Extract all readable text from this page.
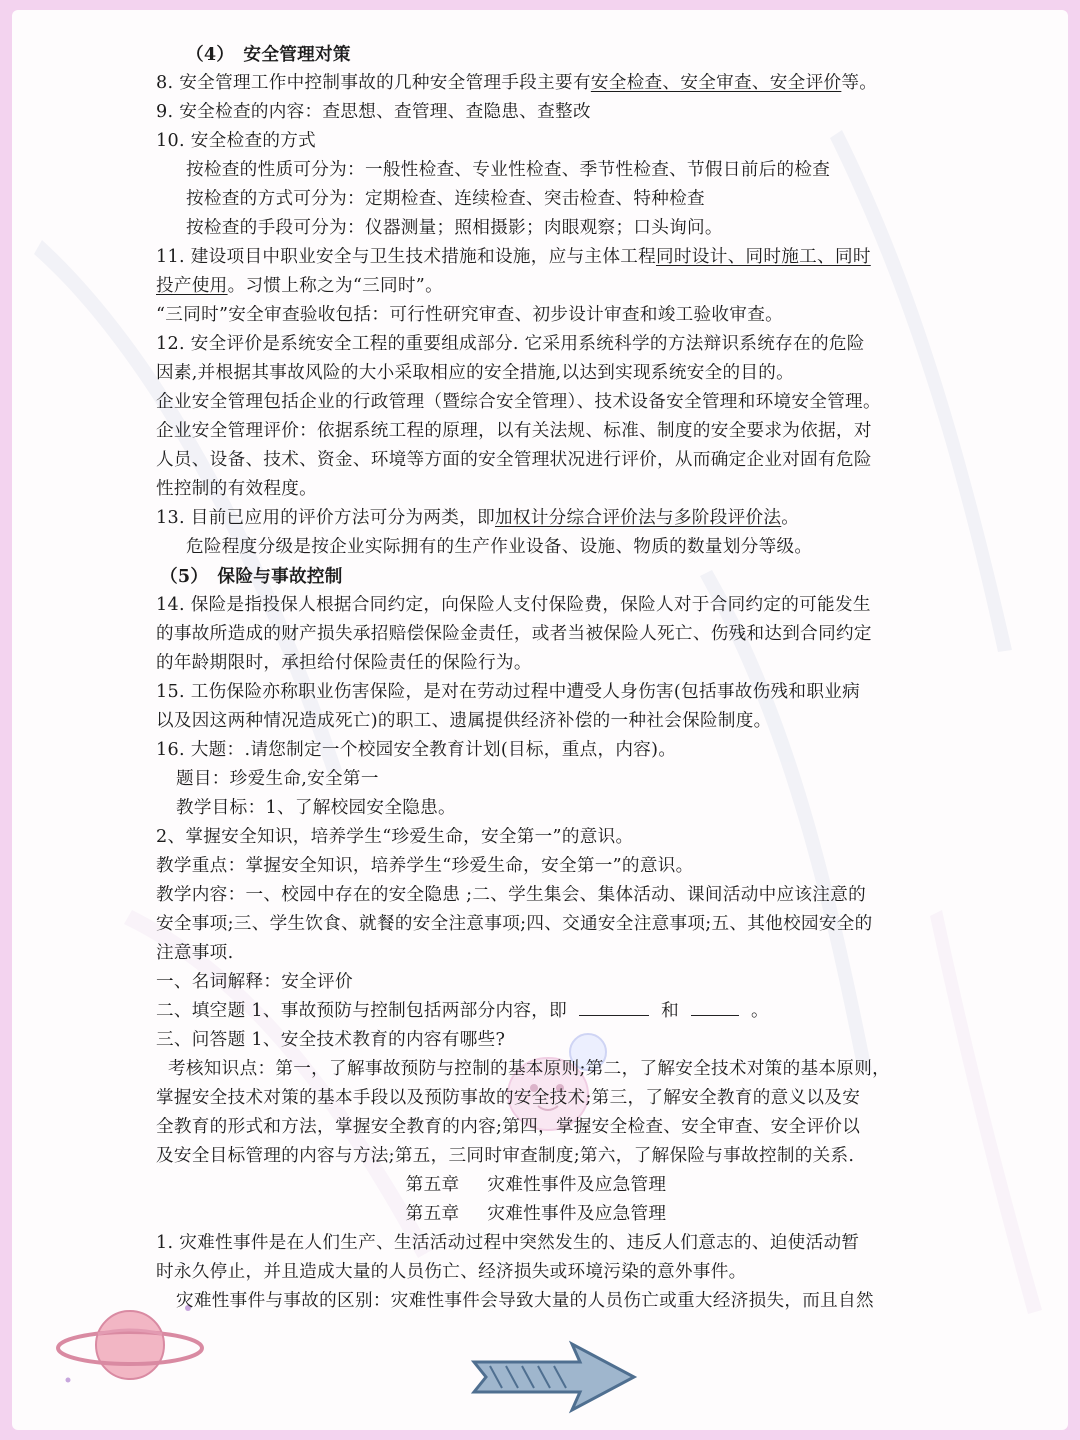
（4）　安全管理对策
8. 安全管理工作中控制事故的几种安全管理手段主要有安全检查、安全审查、安全评价等。
9. 安全检查的内容：查思想、查管理、查隐患、查整改
10. 安全检查的方式
按检查的性质可分为：一般性检查、专业性检查、季节性检查、节假日前后的检查
按检查的方式可分为：定期检查、连续检查、突击检查、特种检查
按检查的手段可分为：仪器测量；照相摄影；肉眼观察；口头询问。
11. 建设项目中职业安全与卫生技术措施和设施，应与主体工程同时设计、同时施工、同时
投产使用。习惯上称之为“三同时”。
“三同时”安全审查验收包括：可行性研究审查、初步设计审查和竣工验收审查。
12. 安全评价是系统安全工程的重要组成部分. 它采用系统科学的方法辩识系统存在的危险
因素,并根据其事故风险的大小采取相应的安全措施,以达到实现系统安全的目的。
企业安全管理包括企业的行政管理（暨综合安全管理）、技术设备安全管理和环境安全管理。
企业安全管理评价：依据系统工程的原理，以有关法规、标准、制度的安全要求为依据，对
人员、设备、技术、资金、环境等方面的安全管理状况进行评价，从而确定企业对固有危险
性控制的有效程度。
13. 目前已应用的评价方法可分为两类，即加权计分综合评价法与多阶段评价法。
危险程度分级是按企业实际拥有的生产作业设备、设施、物质的数量划分等级。
（5）　保险与事故控制
14. 保险是指投保人根据合同约定，向保险人支付保险费，保险人对于合同约定的可能发生
的事故所造成的财产损失承招赔偿保险金责任，或者当被保险人死亡、伤残和达到合同约定
的年龄期限时，承担给付保险责任的保险行为。
15. 工伤保险亦称职业伤害保险，是对在劳动过程中遭受人身伤害(包括事故伤残和职业病
以及因这两种情况造成死亡)的职工、遗属提供经济补偿的一种社会保险制度。
16. 大题：.请您制定一个校园安全教育计划(目标，重点，内容)。
题目：珍爱生命,安全第一
教学目标：1、了解校园安全隐患。
2、掌握安全知识，培养学生“珍爱生命，安全第一”的意识。
教学重点：掌握安全知识，培养学生“珍爱生命，安全第一”的意识。
教学内容：一、校园中存在的安全隐患 ;二、学生集会、集体活动、课间活动中应该注意的
安全事项;三、学生饮食、就餐的安全注意事项;四、交通安全注意事项;五、其他校园安全的
注意事项.
一、名词解释：安全评价
二、填空题 1、事故预防与控制包括两部分内容，即	和	。
三、问答题 1、安全技术教育的内容有哪些?
考核知识点：第一，了解事故预防与控制的基本原则;第二，了解安全技术对策的基本原则，
掌握安全技术对策的基本手段以及预防事故的安全技术;第三，了解安全教育的意义以及安
全教育的形式和方法，掌握安全教育的内容;第四，掌握安全检查、安全审查、安全评价以
及安全目标管理的内容与方法;第五，三同时审查制度;第六，了解保险与事故控制的关系.
第五章 灾难性事件及应急管理
第五章 灾难性事件及应急管理
1. 灾难性事件是在人们生产、生活活动过程中突然发生的、违反人们意志的、迫使活动暂
时永久停止，并且造成大量的人员伤亡、经济损失或环境污染的意外事件。
灾难性事件与事故的区别：灾难性事件会导致大量的人员伤亡或重大经济损失，而且自然
